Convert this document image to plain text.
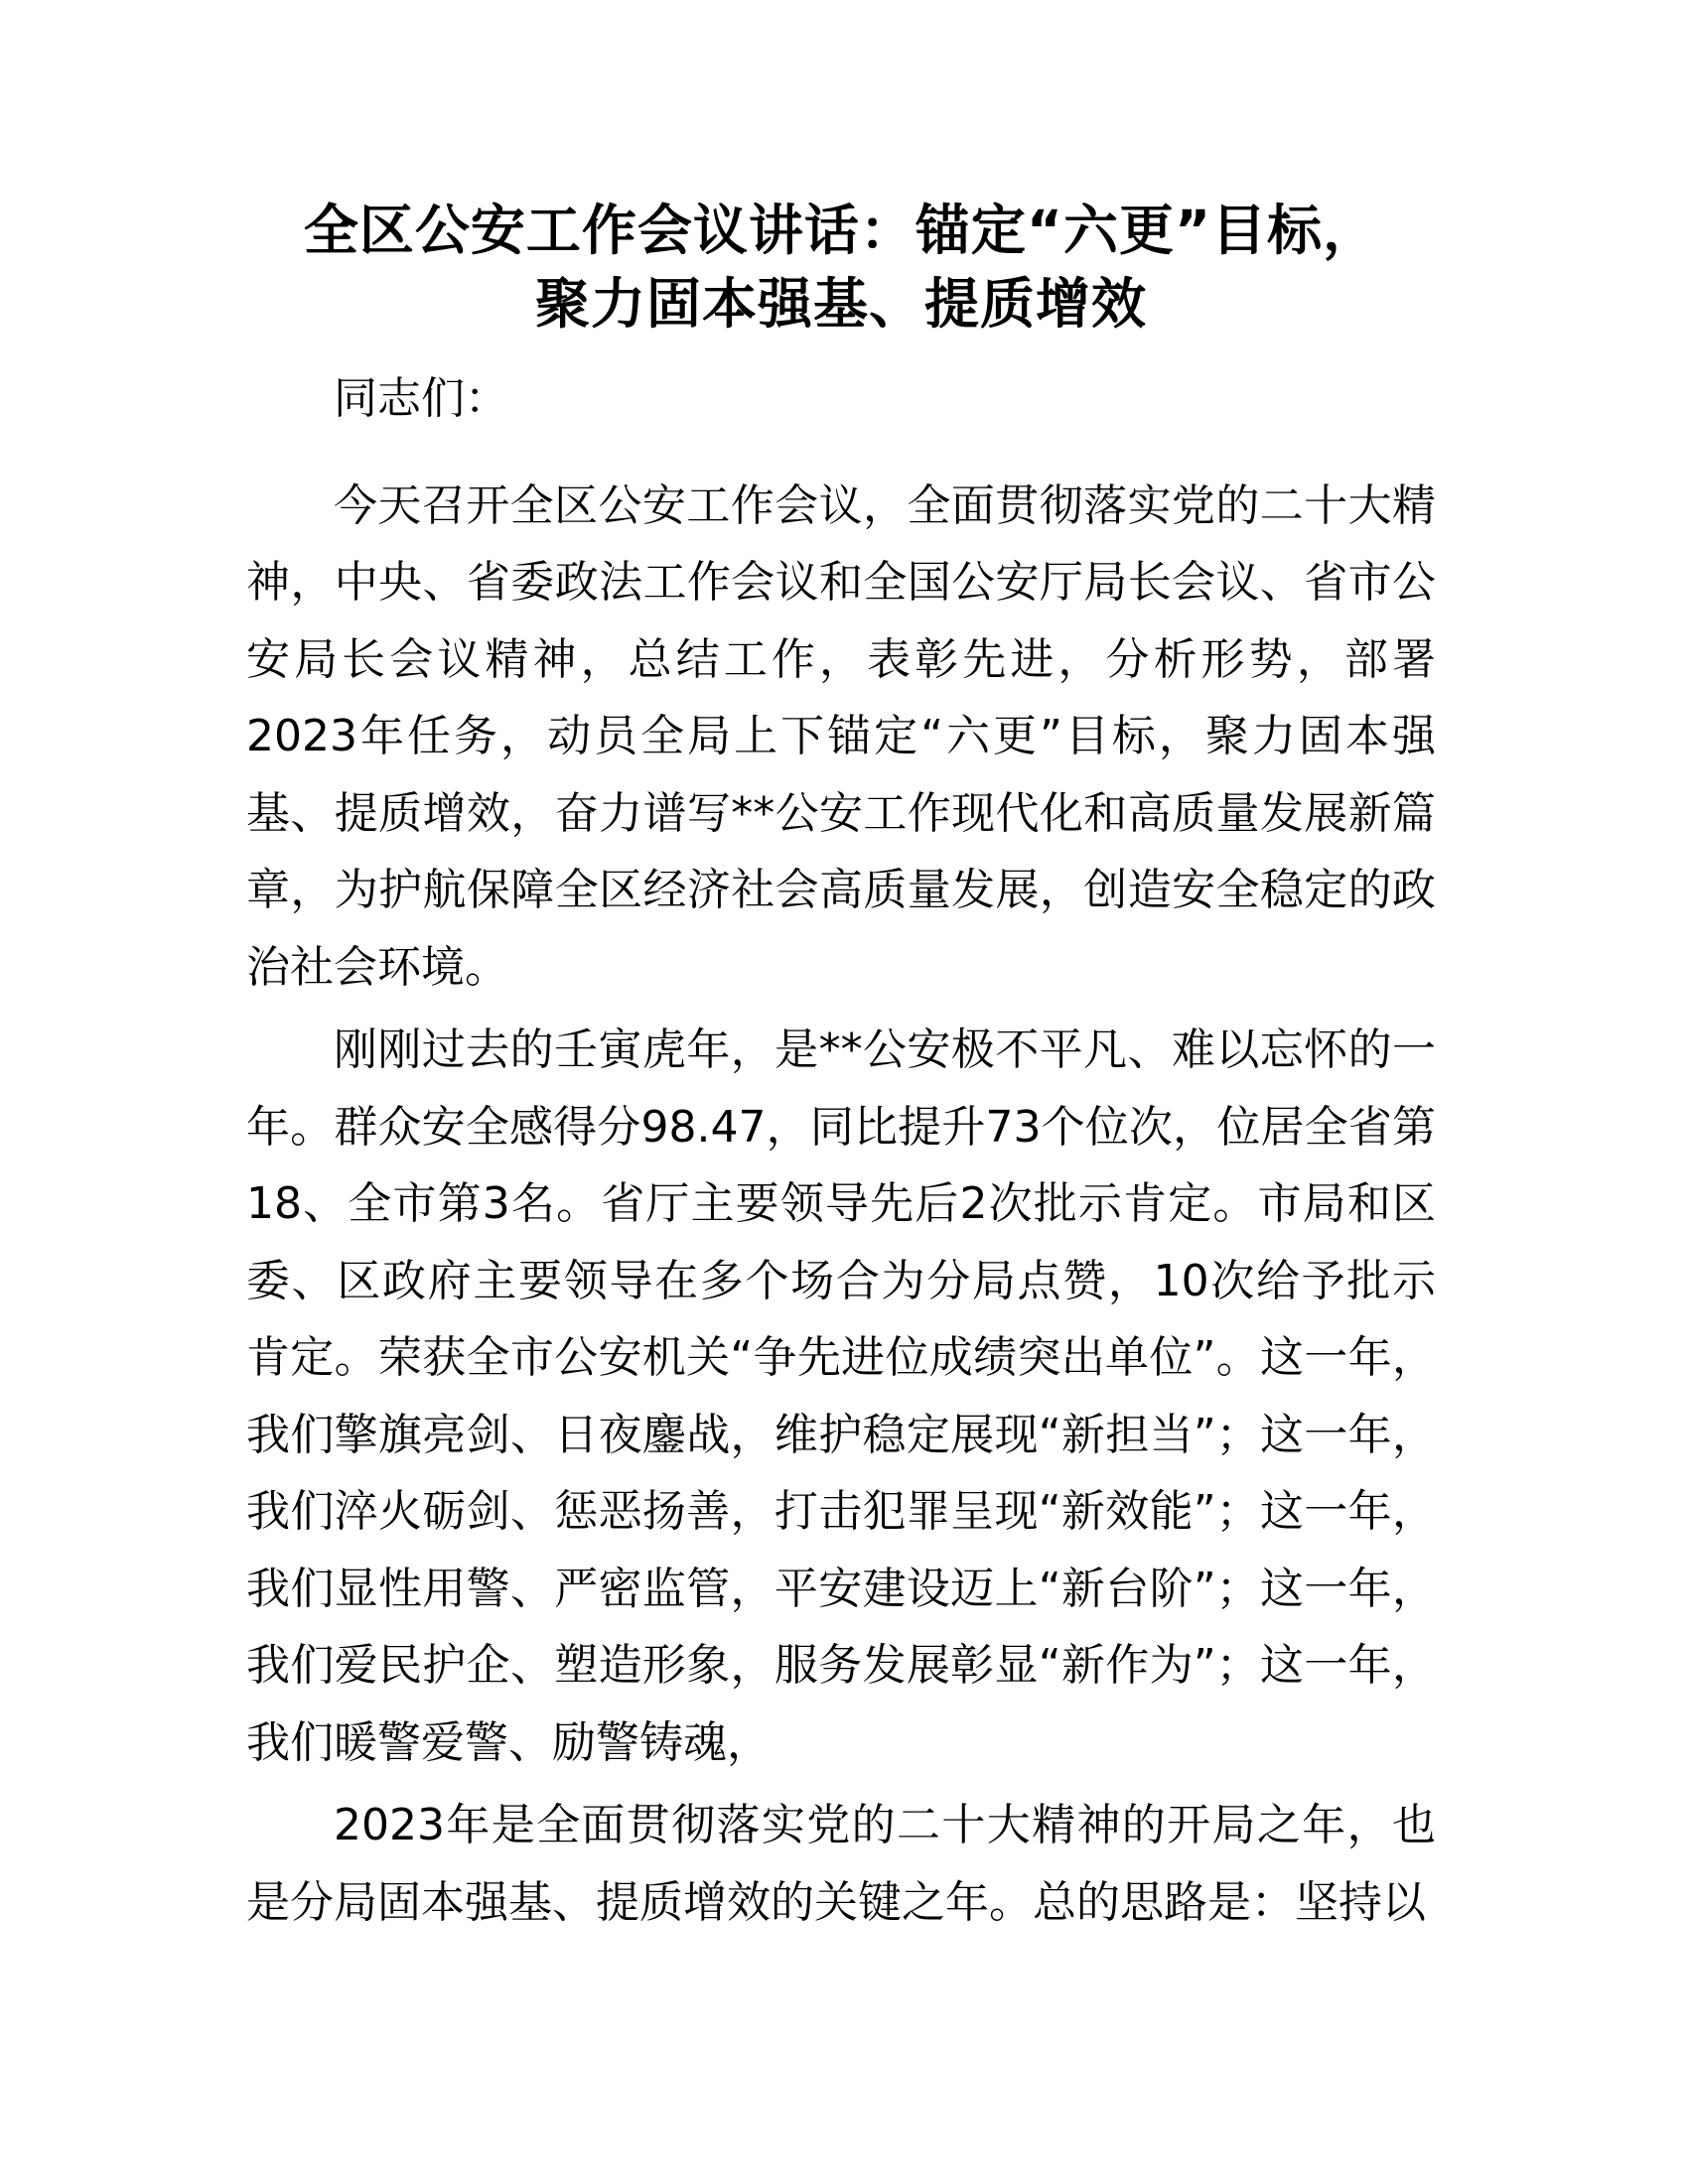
全区公安工作会议讲话：锚定“六更”目标，
聚力固本强基、提质增效

同志们：

今天召开全区公安工作会议，全面贯彻落实党的二十大精神，中央、省委政法工作会议和全国公安厅局长会议、省市公安局长会议精神，总结工作，表彰先进，分析形势，部署2023年任务，动员全局上下锚定“六更”目标，聚力固本强基、提质增效，奋力谱写**公安工作现代化和高质量发展新篇章，为护航保障全区经济社会高质量发展，创造安全稳定的政治社会环境。

刚刚过去的壬寅虎年，是**公安极不平凡、难以忘怀的一年。群众安全感得分98.47，同比提升73个位次，位居全省第18、全市第3名。省厅主要领导先后2次批示肯定。市局和区委、区政府主要领导在多个场合为分局点赞，10次给予批示肯定。荣获全市公安机关“争先进位成绩突出单位”。这一年，我们擎旗亮剑、日夜鏖战，维护稳定展现“新担当”；这一年，我们淬火砺剑、惩恶扬善，打击犯罪呈现“新效能”；这一年，我们显性用警、严密监管，平安建设迈上“新台阶”；这一年，我们爱民护企、塑造形象，服务发展彰显“新作为”；这一年，我们暖警爱警、励警铸魂，

2023年是全面贯彻落实党的二十大精神的开局之年，也是分局固本强基、提质增效的关键之年。总的思路是：坚持以
